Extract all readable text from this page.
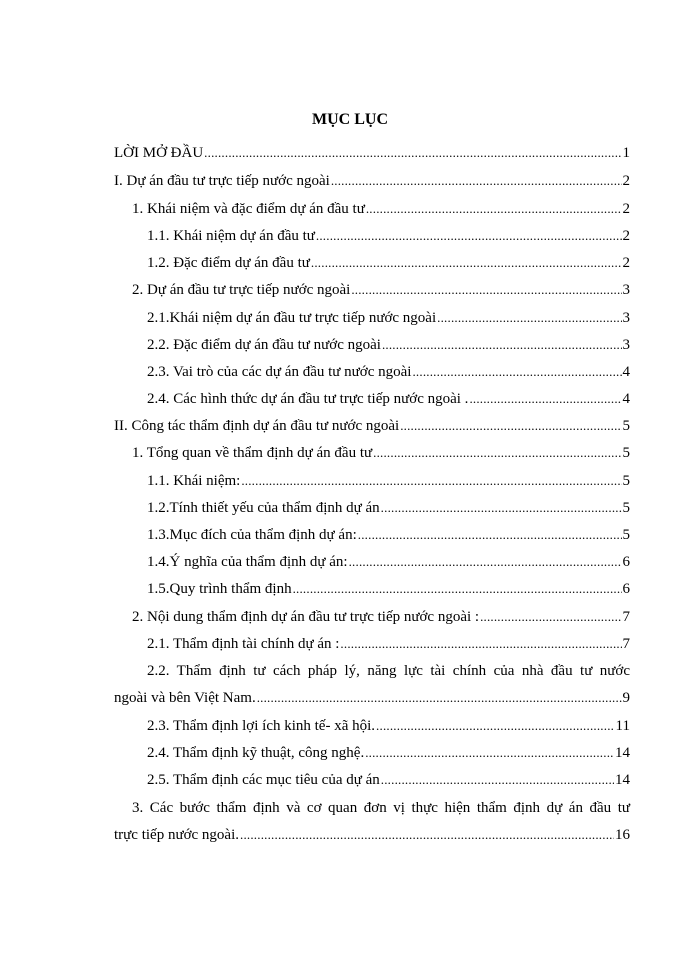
MỤC LỤC
LỜI MỞ ĐẦU .....	1
I. Dự án đầu tư trực tiếp nước ngoài .....	2
1. Khái niệm và đặc điểm dự án đầu tư .....	2
1.1. Khái niệm dự án đầu tư .....	2
1.2. Đặc điểm dự án đầu tư .....	2
2. Dự án đầu tư trực tiếp nước ngoài .....	3
2.1.Khái niệm dự án đầu tư trực tiếp nước ngoài .....	3
2.2. Đặc điểm dự án đầu tư nước ngoài .....	3
2.3. Vai trò của các dự án đầu tư nước ngoài .....	4
2.4. Các hình thức dự án đầu tư trực tiếp nước ngoài . .....	4
II. Công tác thẩm định dự án đầu tư nước ngoài .....	5
1. Tổng quan về thẩm định dự án đầu tư .....	5
1.1. Khái niệm: .....	5
1.2.Tính thiết yếu của thẩm định dự án .....	5
1.3.Mục đích của thẩm định dự án: .....	5
1.4.Ý nghĩa của thẩm định dự án: .....	6
1.5.Quy trình thẩm định .....	6
2. Nội dung thẩm định dự án đầu tư trực tiếp nước ngoài : .....	7
2.1. Thẩm định tài chính dự án : .....	7
2.2. Thẩm định tư cách pháp lý, năng lực tài chính của nhà đầu tư nước
ngoài và bên Việt Nam. .....	9
2.3. Thẩm định lợi ích kinh tế- xã hội. .....	11
2.4. Thẩm định kỹ thuật, công nghệ. .....	14
2.5. Thẩm định các mục tiêu của dự án .....	14
3. Các bước thẩm định và cơ quan đơn vị thực hiện thẩm định dự án đầu tư
trực tiếp nước ngoài. .....	16
